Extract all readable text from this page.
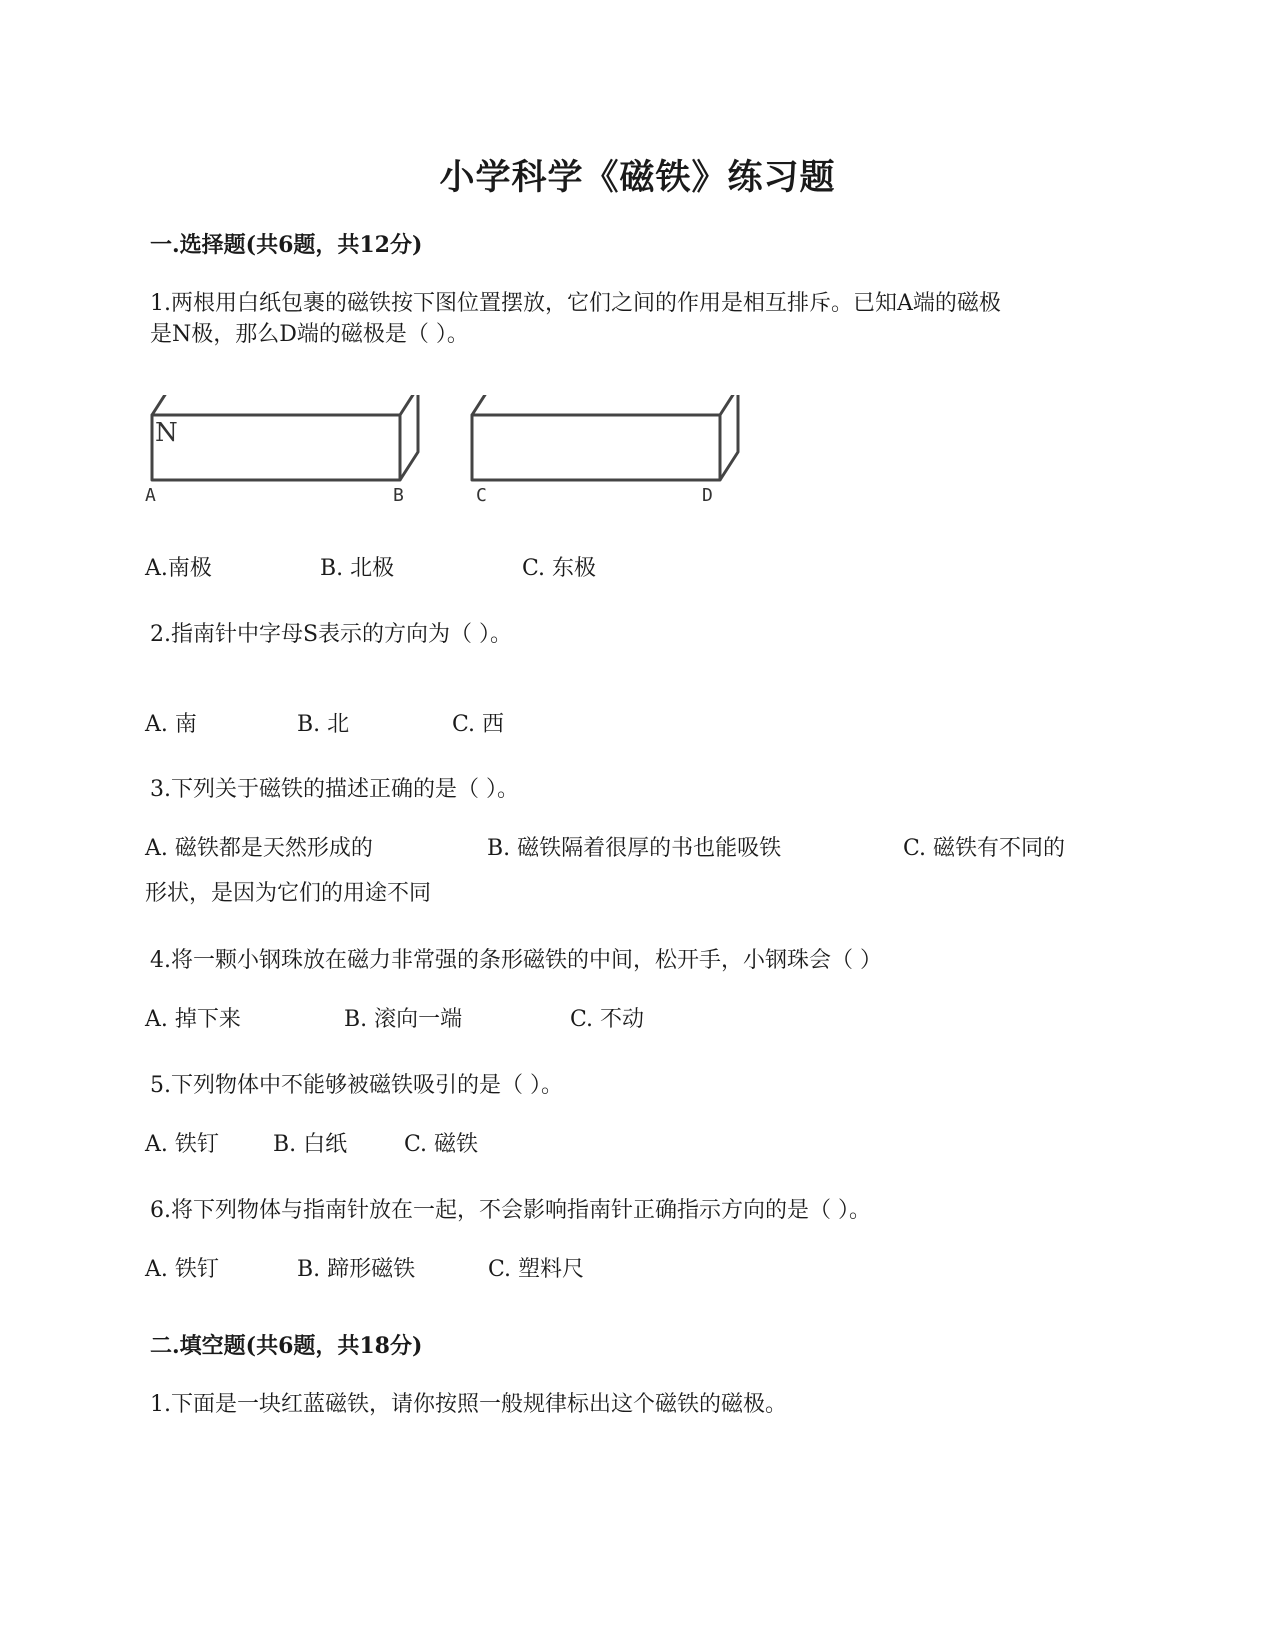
小学科学《磁铁》练习题
一.选择题(共6题，共12分)
1.两根用白纸包裹的磁铁按下图位置摆放，它们之间的作用是相互排斥。已知A端的磁极
是N极，那么D端的磁极是（ ）。
N
A	B	C	D
A.南极	B. 北极	C. 东极
2.指南针中字母S表示的方向为（ ）。
A. 南	B. 北	C. 西
3.下列关于磁铁的描述正确的是（ ）。
A. 磁铁都是天然形成的	B. 磁铁隔着很厚的书也能吸铁	C. 磁铁有不同的
形状，是因为它们的用途不同
4.将一颗小钢珠放在磁力非常强的条形磁铁的中间，松开手，小钢珠会（ ）
A. 掉下来	B. 滚向一端	C. 不动
5.下列物体中不能够被磁铁吸引的是（ ）。
A. 铁钉 B. 白纸	C. 磁铁
6.将下列物体与指南针放在一起，不会影响指南针正确指示方向的是（ ）。
A. 铁钉	B. 蹄形磁铁	C. 塑料尺
二.填空题(共6题，共18分)
1.下面是一块红蓝磁铁，请你按照一般规律标出这个磁铁的磁极。
